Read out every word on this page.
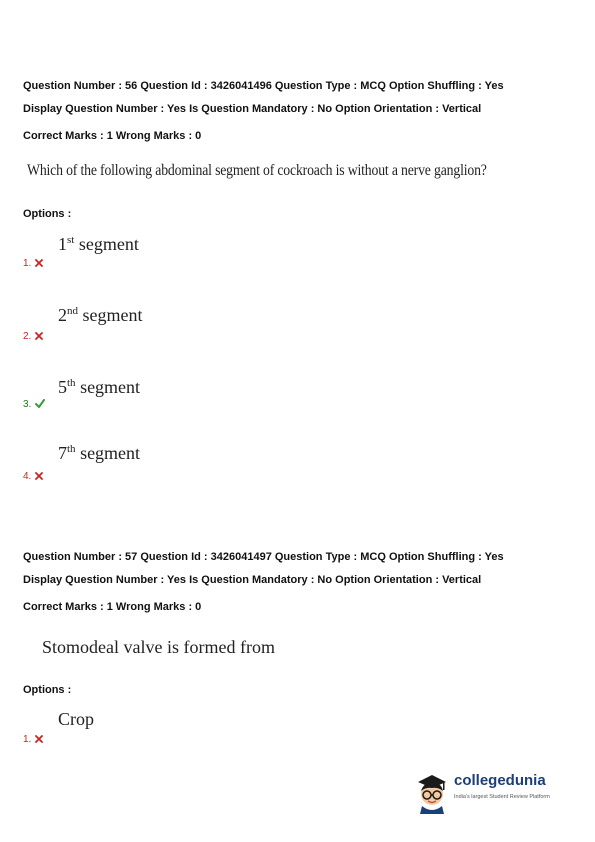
Question Number : 56 Question Id : 3426041496 Question Type : MCQ Option Shuffling : Yes

Display Question Number : Yes Is Question Mandatory : No Option Orientation : Vertical

Correct Marks : 1 Wrong Marks : 0

Which of the following abdominal segment of cockroach is without a nerve ganglion?

Options :

1st segment
1.
2nd segment
2.
5th segment
3.
7th segment
4.

Question Number : 57 Question Id : 3426041497 Question Type : MCQ Option Shuffling : Yes

Display Question Number : Yes Is Question Mandatory : No Option Orientation : Vertical

Correct Marks : 1 Wrong Marks : 0

Stomodeal valve is formed from

Options :

Crop
1.
collegedunia
India's largest Student Review Platform
